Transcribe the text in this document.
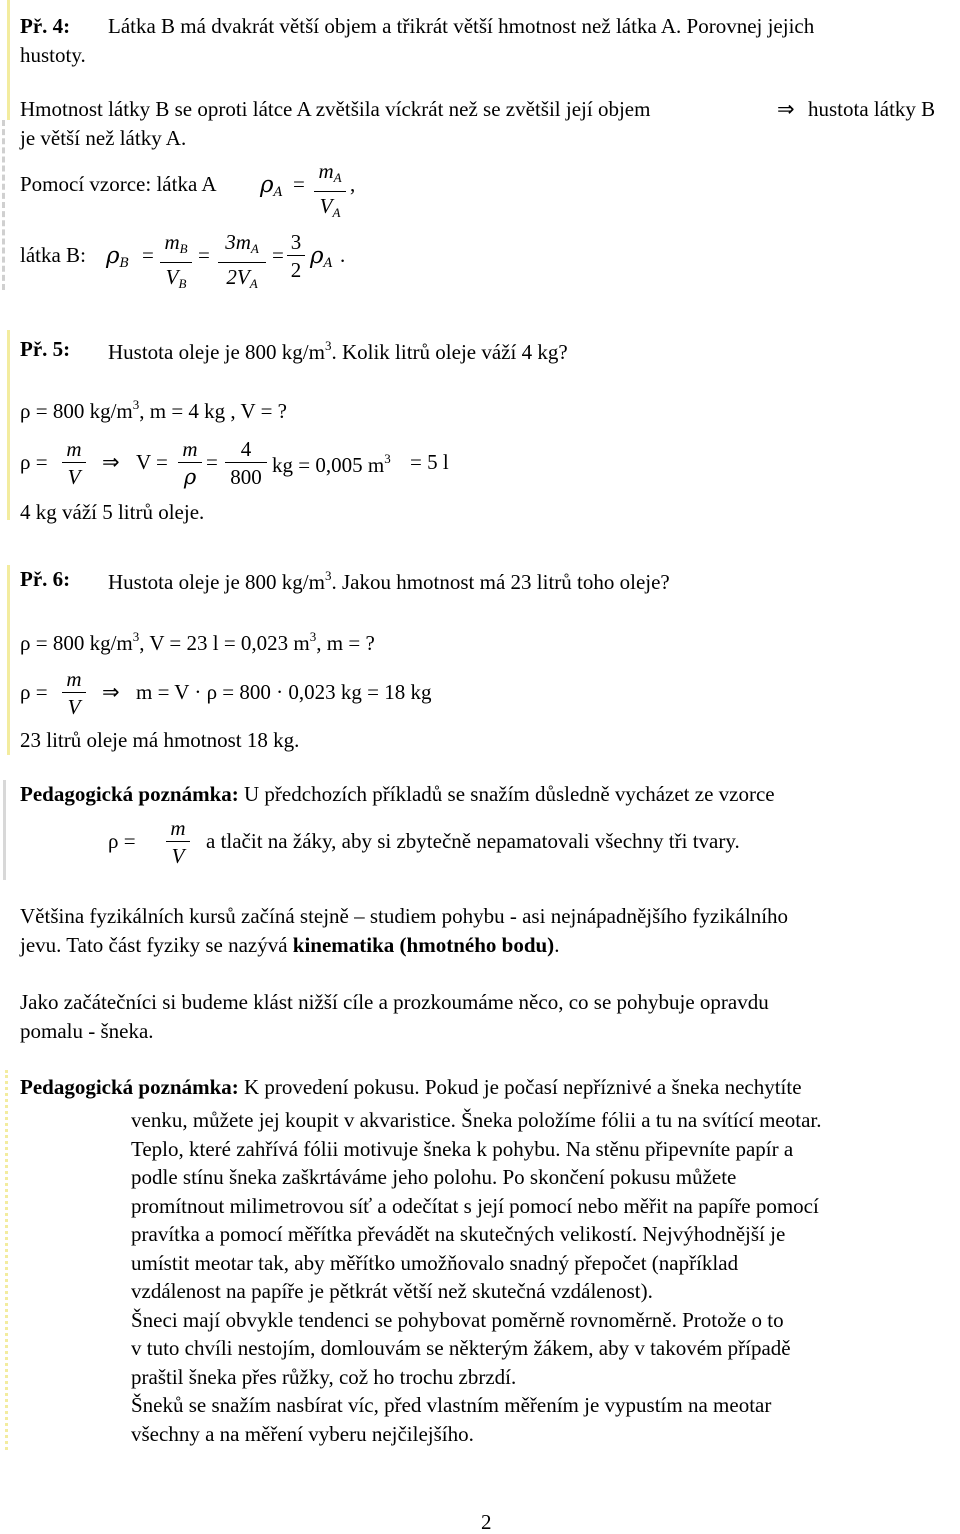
Př. 4: Látka B má dvakrát větší objem a třikrát větší hmotnost než látka A. Porovnej jejich
hustoty.
Hmotnost látky B se oproti látce A zvětšila víckrát než se zvětšil její objem	⇒ hustota látky B
je větší než látky A.
Pomocí vzorce: látka A $\rho_A$ =
$m_A$
$V_A$
,
látka B: $\rho_B$ =
$m_B$
$V_B$
=
$3m_A$
$2V_A$
=
3
2
$\rho_A$ .
Př. 5: Hustota oleje je 800 $kg/m^3$. Kolik litrů oleje váží 4 kg?
ρ = 800 $kg/m^3$, m = 4 kg , V = ?
ρ =
m
V
⇒ V =
m
ρ
=
4
800 kg = 0,005 $m^3 = 5$ l
4 kg váží 5 litrů oleje.
Př. 6: Hustota oleje je 800 $kg/m^3$. Jakou hmotnost má 23 litrů toho oleje?
ρ = 800 $kg/m^3$, V = 23 l = 0,023 $m^3$, m = ?
ρ =
m
V
⇒ m = V · ρ = 800 · 0,023 kg = 18 kg
23 litrů oleje má hmotnost 18 kg.
Pedagogická poznámka: U předchozích příkladů se snažím důsledně vycházet ze vzorce
ρ =
m
V
a tlačit na žáky, aby si zbytečně nepamatovali všechny tři tvary.
Většina fyzikálních kursů začíná stejně – studiem pohybu - asi nejnápadnějšího fyzikálního
jevu. Tato část fyziky se nazývá kinematika (hmotného bodu).
Jako začátečníci si budeme klást nižší cíle a prozkoumáme něco, co se pohybuje opravdu
pomalu - šneka.
Pedagogická poznámka: K provedení pokusu. Pokud je počasí nepříznivé a šneka nechytíte
venku, můžete jej koupit v akvaristice. Šneka položíme fólii a tu na svítící meotar.
Teplo, které zahřívá fólii motivuje šneka k pohybu. Na stěnu připevníte papír a
podle stínu šneka zaškrtáváme jeho polohu. Po skončení pokusu můžete
promítnout milimetrovou síť a odečítat s její pomocí nebo měřit na papíře pomocí
pravítka a pomocí měřítka převádět na skutečných velikostí. Nejvýhodnější je
umístit meotar tak, aby měřítko umožňovalo snadný přepočet (například
vzdálenost na papíře je pětkrát větší než skutečná vzdálenost).
Šneci mají obvykle tendenci se pohybovat poměrně rovnoměrně. Protože o to
v tuto chvíli nestojím, domlouvám se některým žákem, aby v takovém případě
praštil šneka přes růžky, což ho trochu zbrzdí.
Šneků se snažím nasbírat víc, před vlastním měřením je vypustím na meotar
všechny a na měření vyberu nejčilejšího.
2
